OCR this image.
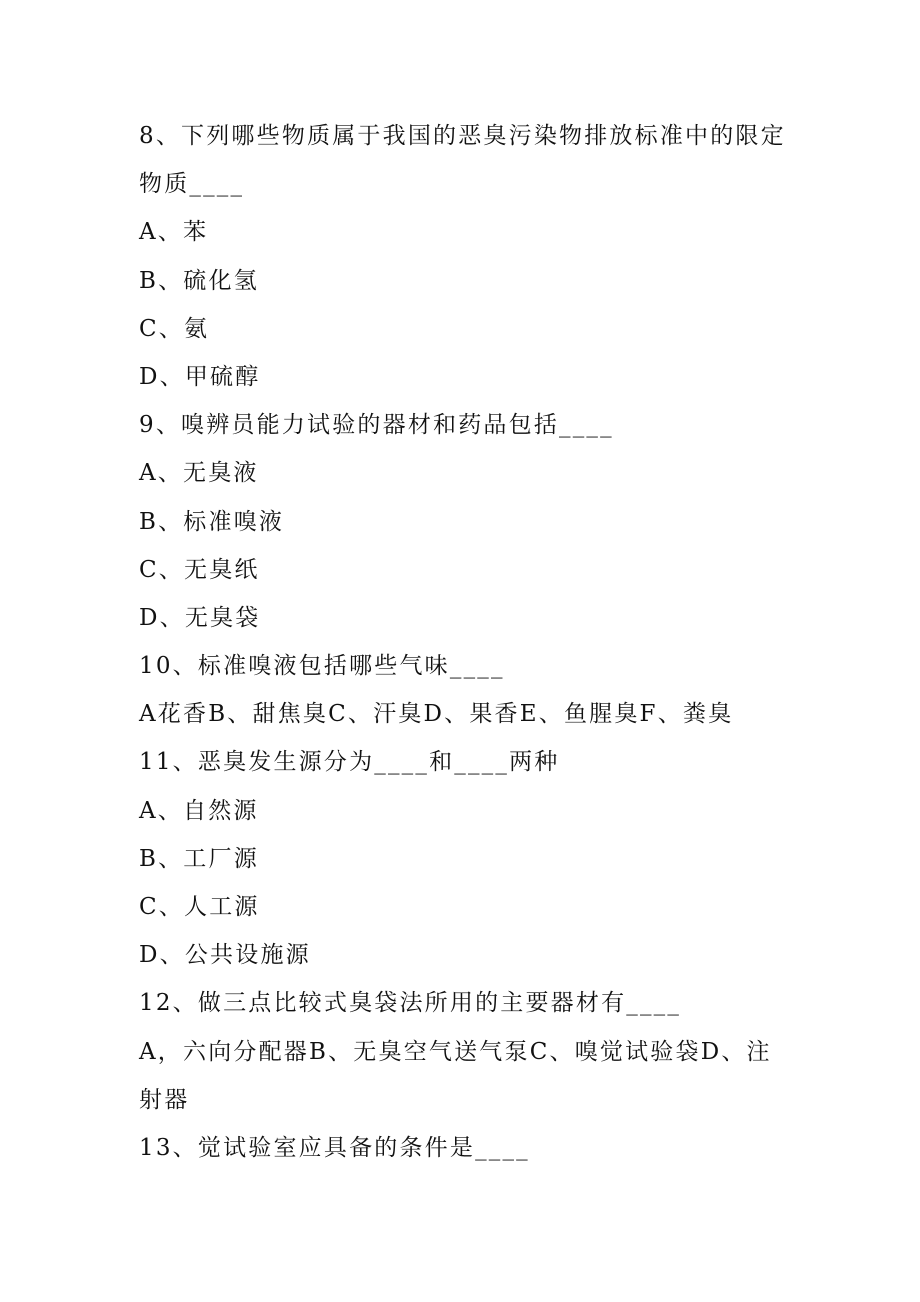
8、下列哪些物质属于我国的恶臭污染物排放标准中的限定物质____
A、苯
B、硫化氢
C、氨
D、甲硫醇
9、嗅辨员能力试验的器材和药品包括____
A、无臭液
B、标准嗅液
C、无臭纸
D、无臭袋
10、标准嗅液包括哪些气味____
A花香B、甜焦臭C、汗臭D、果香E、鱼腥臭F、粪臭
11、恶臭发生源分为____和____两种
A、自然源
B、工厂源
C、人工源
D、公共设施源
12、做三点比较式臭袋法所用的主要器材有____
A，六向分配器B、无臭空气送气泵C、嗅觉试验袋D、注射器
13、觉试验室应具备的条件是____
